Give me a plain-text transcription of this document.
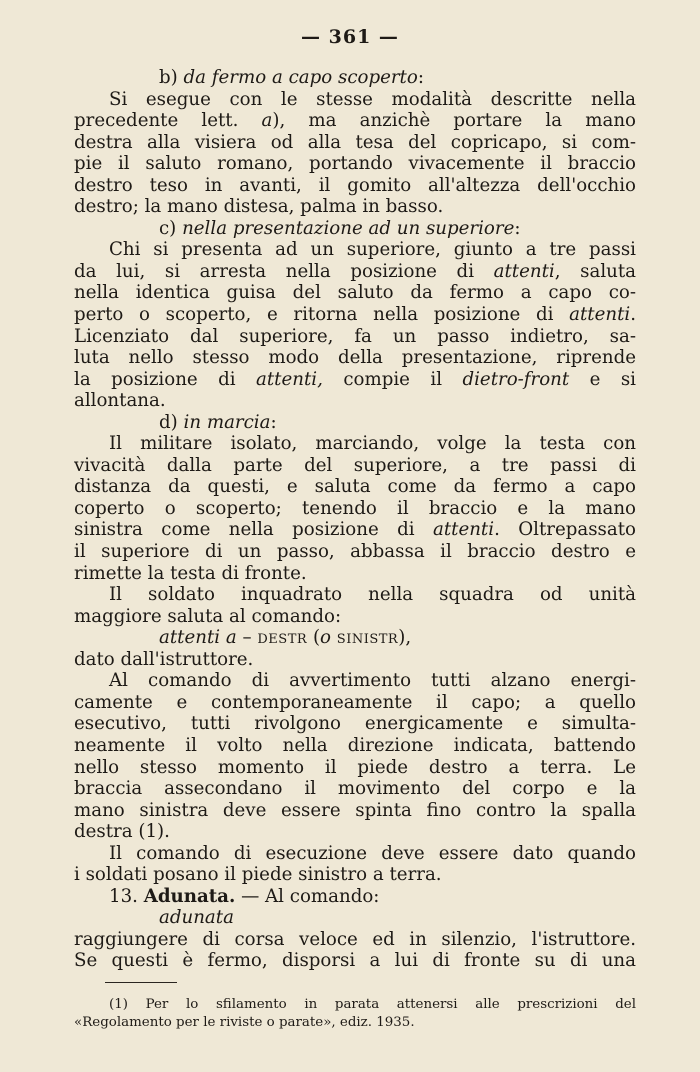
— 361 —
b) da fermo a capo scoperto:
Si esegue con le stesse modalità descritte nella
precedente lett. a), ma anzichè portare la mano
destra alla visiera od alla tesa del copricapo, si com-
pie il saluto romano, portando vivacemente il braccio
destro teso in avanti, il gomito all'altezza dell'occhio
destro; la mano distesa, palma in basso.
c) nella presentazione ad un superiore:
Chi si presenta ad un superiore, giunto a tre passi
da lui, si arresta nella posizione di attenti, saluta
nella identica guisa del saluto da fermo a capo co-
perto o scoperto, e ritorna nella posizione di attenti.
Licenziato dal superiore, fa un passo indietro, sa-
luta nello stesso modo della presentazione, riprende
la posizione di attenti, compie il dietro-front e si
allontana.
d) in marcia:
Il militare isolato, marciando, volge la testa con
vivacità dalla parte del superiore, a tre passi di
distanza da questi, e saluta come da fermo a capo
coperto o scoperto; tenendo il braccio e la mano
sinistra come nella posizione di attenti. Oltrepassato
il superiore di un passo, abbassa il braccio destro e
rimette la testa di fronte.
Il soldato inquadrato nella squadra od unità
maggiore saluta al comando:
attenti a – destr (o sinistr),
dato dall'istruttore.
Al comando di avvertimento tutti alzano energi-
camente e contemporaneamente il capo; a quello
esecutivo, tutti rivolgono energicamente e simulta-
neamente il volto nella direzione indicata, battendo
nello stesso momento il piede destro a terra. Le
braccia assecondano il movimento del corpo e la
mano sinistra deve essere spinta fino contro la spalla
destra (1).
Il comando di esecuzione deve essere dato quando
i soldati posano il piede sinistro a terra.
13. Adunata. — Al comando:
adunata
raggiungere di corsa veloce ed in silenzio, l'istruttore.
Se questi è fermo, disporsi a lui di fronte su di una
(1) Per lo sfilamento in parata attenersi alle prescrizioni del
«Regolamento per le riviste o parate», ediz. 1935.
